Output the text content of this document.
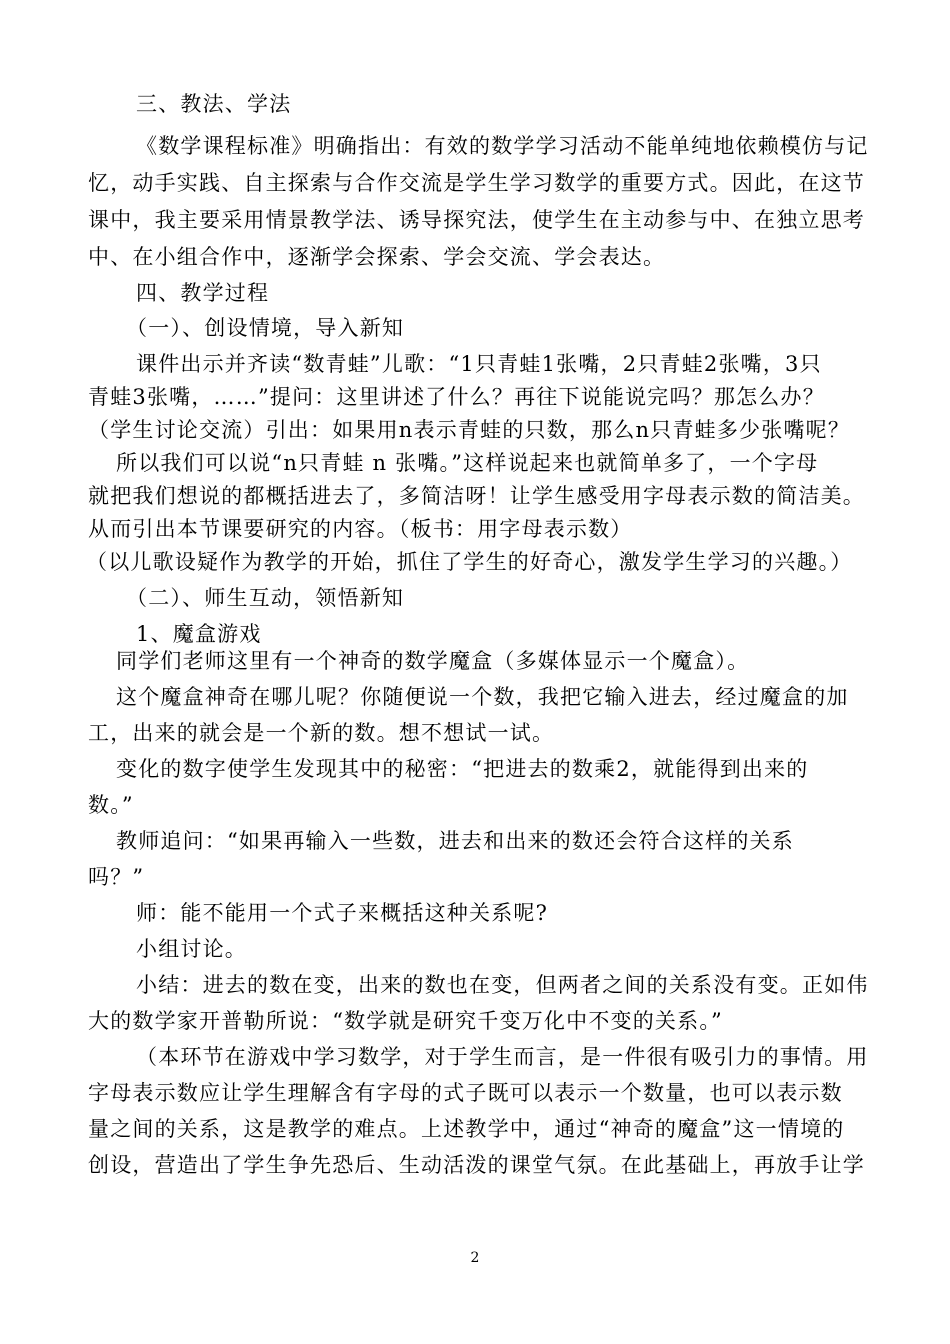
三、教法、学法
《数学课程标准》明确指出：有效的数学学习活动不能单纯地依赖模仿与记
忆，动手实践、自主探索与合作交流是学生学习数学的重要方式。因此，在这节
课中，我主要采用情景教学法、诱导探究法，使学生在主动参与中、在独立思考
中、在小组合作中，逐渐学会探索、学会交流、学会表达。
四、教学过程
（一）、创设情境，导入新知
课件出示并齐读“数青蛙”儿歌：“1只青蛙1张嘴，2只青蛙2张嘴，3只
青蛙3张嘴，……”提问：这里讲述了什么？再往下说能说完吗？那怎么办？
（学生讨论交流）引出：如果用n表示青蛙的只数，那么n只青蛙多少张嘴呢？
所以我们可以说“n只青蛙 n 张嘴。”这样说起来也就简单多了，一个字母
就把我们想说的都概括进去了，多简洁呀！让学生感受用字母表示数的简洁美。
从而引出本节课要研究的内容。（板书：用字母表示数）
（以儿歌设疑作为教学的开始，抓住了学生的好奇心，激发学生学习的兴趣。）
（二）、师生互动，领悟新知
1、魔盒游戏
同学们老师这里有一个神奇的数学魔盒（多媒体显示一个魔盒）。
这个魔盒神奇在哪儿呢？你随便说一个数，我把它输入进去，经过魔盒的加
工，出来的就会是一个新的数。想不想试一试。
变化的数字使学生发现其中的秘密：“把进去的数乘2，就能得到出来的
数。”
教师追问：“如果再输入一些数，进去和出来的数还会符合这样的关系
吗？”
师：能不能用一个式子来概括这种关系呢?
小组讨论。
小结：进去的数在变，出来的数也在变，但两者之间的关系没有变。正如伟
大的数学家开普勒所说：“数学就是研究千变万化中不变的关系。”
（本环节在游戏中学习数学，对于学生而言，是一件很有吸引力的事情。用
字母表示数应让学生理解含有字母的式子既可以表示一个数量，也可以表示数
量之间的关系，这是教学的难点。上述教学中，通过“神奇的魔盒”这一情境的
创设，营造出了学生争先恐后、生动活泼的课堂气氛。在此基础上，再放手让学
2
